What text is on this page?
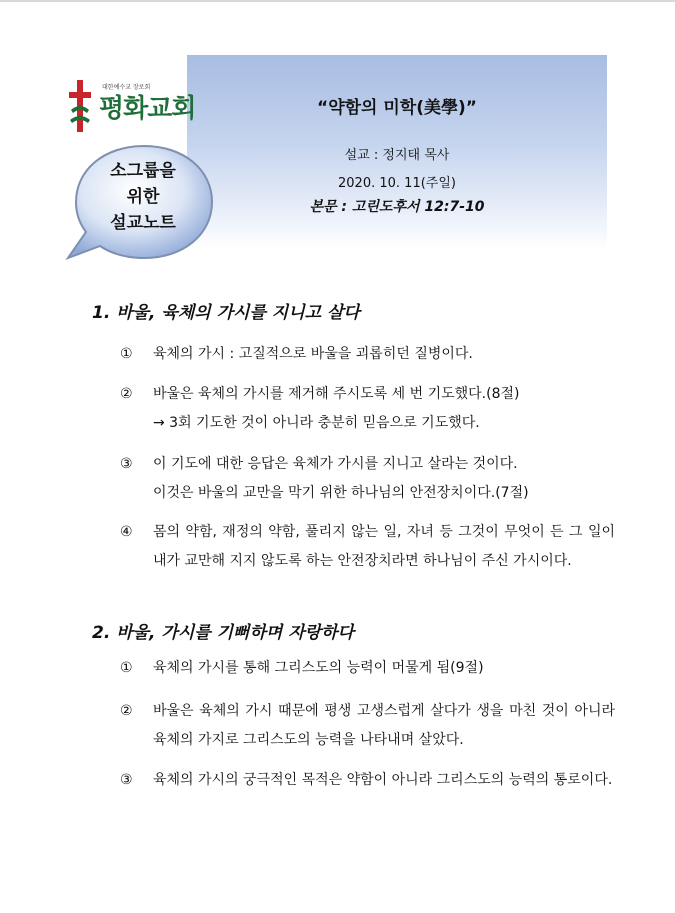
대한예수교 장로회
평화교회
소그룹을
위한
설교노트
“약함의 미학(美學)”
설교 : 정지태 목사
2020. 10. 11(주일)
본문 : 고린도후서 12:7-10
1. 바울, 육체의 가시를 지니고 살다
①	육체의 가시 : 고질적으로 바울을 괴롭히던 질병이다.
②	바울은 육체의 가시를 제거해 주시도록 세 번 기도했다.(8절)
→ 3회 기도한 것이 아니라 충분히 믿음으로 기도했다.
③	이 기도에 대한 응답은 육체가 가시를 지니고 살라는 것이다.
이것은 바울의 교만을 막기 위한 하나님의 안전장치이다.(7절)
④	몸의 약함, 재정의 약함, 풀리지 않는 일, 자녀 등 그것이 무엇이 든 그 일이 내가 교만해 지지 않도록 하는 안전장치라면 하나님이 주신 가시이다.
2. 바울, 가시를 기뻐하며 자랑하다
①	육체의 가시를 통해 그리스도의 능력이 머물게 됨(9절)
②	바울은 육체의 가시 때문에 평생 고생스럽게 살다가 생을 마친 것이 아니라 육체의 가지로 그리스도의 능력을 나타내며 살았다.
③	육체의 가시의 궁극적인 목적은 약함이 아니라 그리스도의 능력의 통로이다.
